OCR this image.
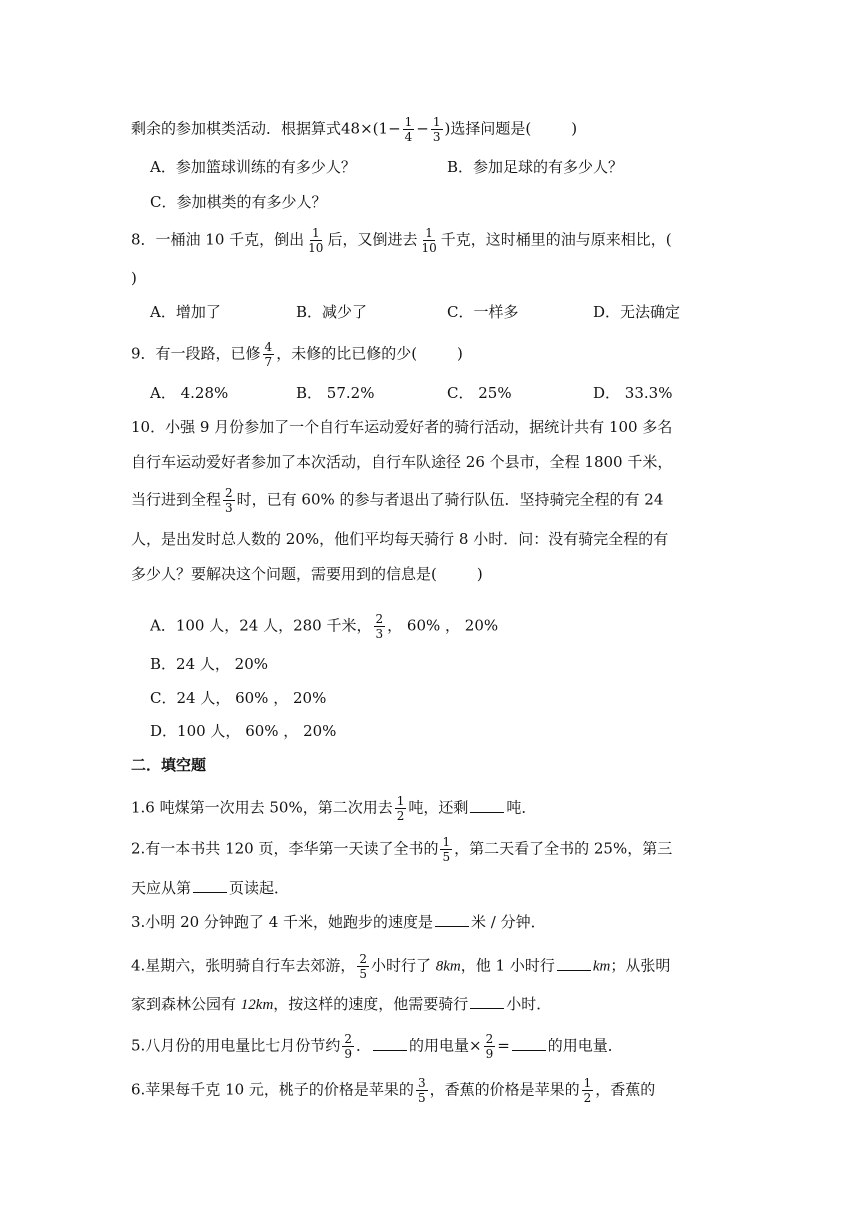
剩余的参加棋类活动．根据算式$48\times(1- \frac{1}{4} - \frac{1}{3}$ )选择问题是(	)
A．参加篮球训练的有多少人？	B．参加足球的有多少人？
C．参加棋类的有多少人？
8．一桶油 10 千克，倒出 $\frac{1}{10}$ 后，又倒进去 $\frac{1}{10}$ 千克，这时桶里的油与原来相比，(
)
A．增加了	B．减少了	C．一样多	D．无法确定
9．有一段路，已修 $\frac{4}{7}$ ，未修的比已修的少(	)
A． 4.28%	B． 57.2%	C． 25%	D． 33.3%
10．小强 9 月份参加了一个自行车运动爱好者的骑行活动，据统计共有 100 多名
自行车运动爱好者参加了本次活动，自行车队途径 26 个县市，全程 1800 千米，
当行进到全程 $\frac{2}{3}$ 时，已有 60% 的参与者退出了骑行队伍．坚持骑完全程的有 24
人，是出发时总人数的 20%，他们平均每天骑行 8 小时．问：没有骑完全程的有
多少人？要解决这个问题，需要用到的信息是(	)
A．100 人，24 人，280 千米， $\frac{2}{3}$ ， 60% ， 20%
B．24 人， 20%
C．24 人， 60% ， 20%
D．100 人， 60% ， 20%
二．填空题
1.6 吨煤第一次用去 50%，第二次用去 $\frac{1}{2}$ 吨，还剩	吨．
2.有一本书共 120 页，李华第一天读了全书的 $\frac{1}{5}$ ，第二天看了全书的 25%，第三
天应从第	页读起．
3.小明 20 分钟跑了 4 千米，她跑步的速度是	米 / 分钟．
4.星期六，张明骑自行车去郊游， $\frac{2}{5}$ 小时行了 8km，他 1 小时行	km；从张明
家到森林公园有 12km，按这样的速度，他需要骑行	小时．
5.八月份的用电量比七月份节约 $\frac{2}{9}$ ．	的用电量× $\frac{2}{9}$ =	的用电量．
6.苹果每千克 10 元，桃子的价格是苹果的 $\frac{3}{5}$ ，香蕉的价格是苹果的 $\frac{1}{2}$ ，香蕉的
